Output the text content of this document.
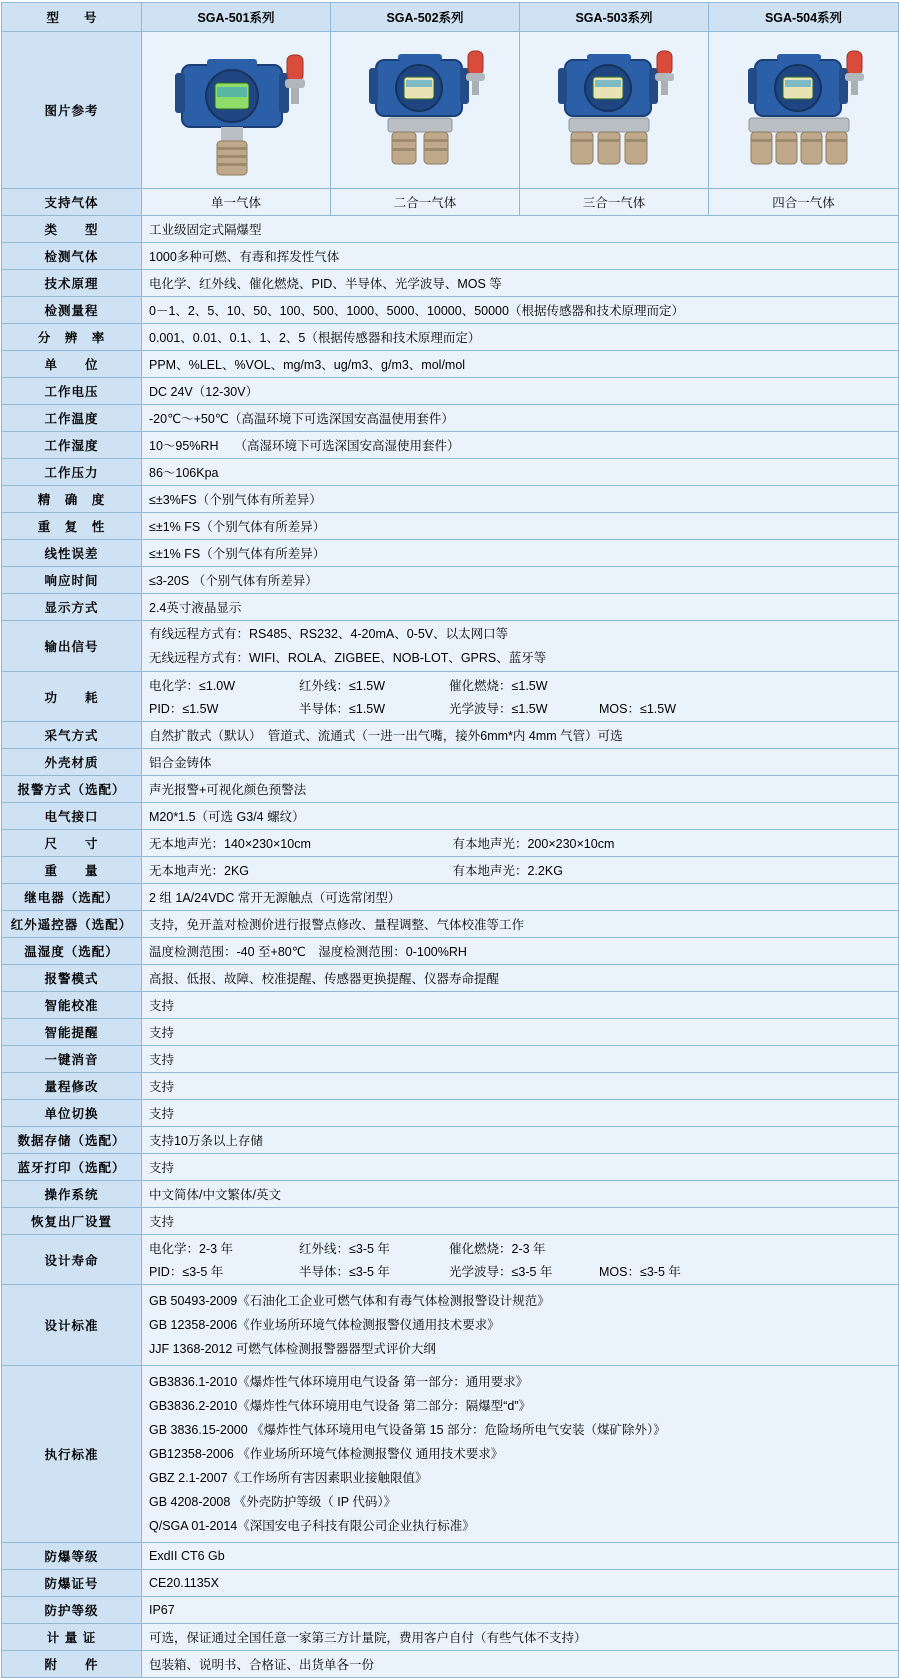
型　　号	SGA-501系列	SGA-502系列	SGA-503系列	SGA-504系列
图片参考	

支持气体	单一气体	二合一气体	三合一气体	四合一气体
类　　型	工业级固定式隔爆型			
检测气体	1000多种可燃、有毒和挥发性气体			
技术原理	电化学、红外线、催化燃烧、PID、半导体、光学波导、MOS 等			
检测量程	0－1、2、5、10、50、100、500、1000、5000、10000、50000（根据传感器和技术原理而定）			
分　辨　率	0.001、0.01、0.1、1、2、5（根据传感器和技术原理而定）			
单　　位	PPM、%LEL、%VOL、mg/m3、ug/m3、g/m3、mol/mol			
工作电压	DC 24V（12-30V）			
工作温度	-20℃～+50℃（高温环境下可选深国安高温使用套件）			
工作湿度	10～95%RH　 （高湿环境下可选深国安高湿使用套件）			
工作压力	86～106Kpa			
精　确　度	≤±3%FS（个别气体有所差异）			
重　复　性	≤±1% FS（个别气体有所差异）			
线性误差	≤±1% FS（个别气体有所差异）			
响应时间	≤3-20S （个别气体有所差异）			
显示方式	2.4英寸液晶显示			
输出信号	有线远程方式有：RS485、RS232、4-20mA、0-5V、以太网口等
无线远程方式有：WIFI、ROLA、ZIGBEE、NOB-LOT、GPRS、蓝牙等			

功　　耗	
电化学：≤1.0W	红外线：≤1.5W	催化燃烧：≤1.5W
PID：≤1.5W	半导体：≤1.5W	光学波导：≤1.5W	MOS：≤1.5W

采气方式	自然扩散式（默认）　管道式、流通式（一进一出气嘴，接外6mm*内 4mm 气管）可选			
外壳材质	铝合金铸体			
报警方式（选配）	声光报警+可视化颜色预警法			
电气接口	M20*1.5（可选 G3/4 螺纹）			
尺　　寸	无本地声光：140×230×10cm 有本地声光：200×230×10cm			
重　　量	无本地声光：2KG 有本地声光：2.2KG			
继电器（选配）	2 组 1A/24VDC 常开无源触点（可选常闭型）			
红外遥控器（选配）	支持，免开盖对检测价进行报警点修改、量程调整、气体校准等工作			
温湿度（选配）	温度检测范围：-40 至+80℃　湿度检测范围：0-100%RH			
报警模式	高报、低报、故障、校准提醒、传感器更换提醒、仪器寿命提醒			
智能校准	支持			
智能提醒	支持			
一键消音	支持			
量程修改	支持			
单位切换	支持			
数据存储（选配）	支持10万条以上存储			
蓝牙打印（选配）	支持			
操作系统	中文简体/中文繁体/英文			
恢复出厂设置	支持			
设计寿命	
电化学：2-3 年	红外线：≤3-5 年	催化燃烧：2-3 年
PID：≤3-5 年	半导体：≤3-5 年	光学波导：≤3-5 年	MOS：≤3-5 年

设计标准	GB 50493-2009《石油化工企业可燃气体和有毒气体检测报警设计规范》
GB 12358-2006《作业场所环境气体检测报警仪通用技术要求》
JJF 1368-2012 可燃气体检测报警器器型式评价大纲			

执行标准	
GB3836.1-2010《爆炸性气体环境用电气设备 第一部分：通用要求》
GB3836.2-2010《爆炸性气体环境用电气设备 第二部分：隔爆型“d”》
GB 3836.15-2000 《爆炸性气体环境用电气设备第 15 部分：危险场所电气安装（煤矿除外）》
GB12358-2006 《作业场所环境气体检测报警仪 通用技术要求》
GBZ 2.1-2007《工作场所有害因素职业接触限值》
GB 4208-2008 《外壳防护等级（ IP 代码）》
Q/SGA 01-2014《深国安电子科技有限公司企业执行标准》

防爆等级	ExdII CT6 Gb			
防爆证号	CE20.1135X			
防护等级	IP67			
计 量 证	可选，保证通过全国任意一家第三方计量院，费用客户自付（有些气体不支持）			
附　　件	包装箱、说明书、合格证、出货单各一份			
